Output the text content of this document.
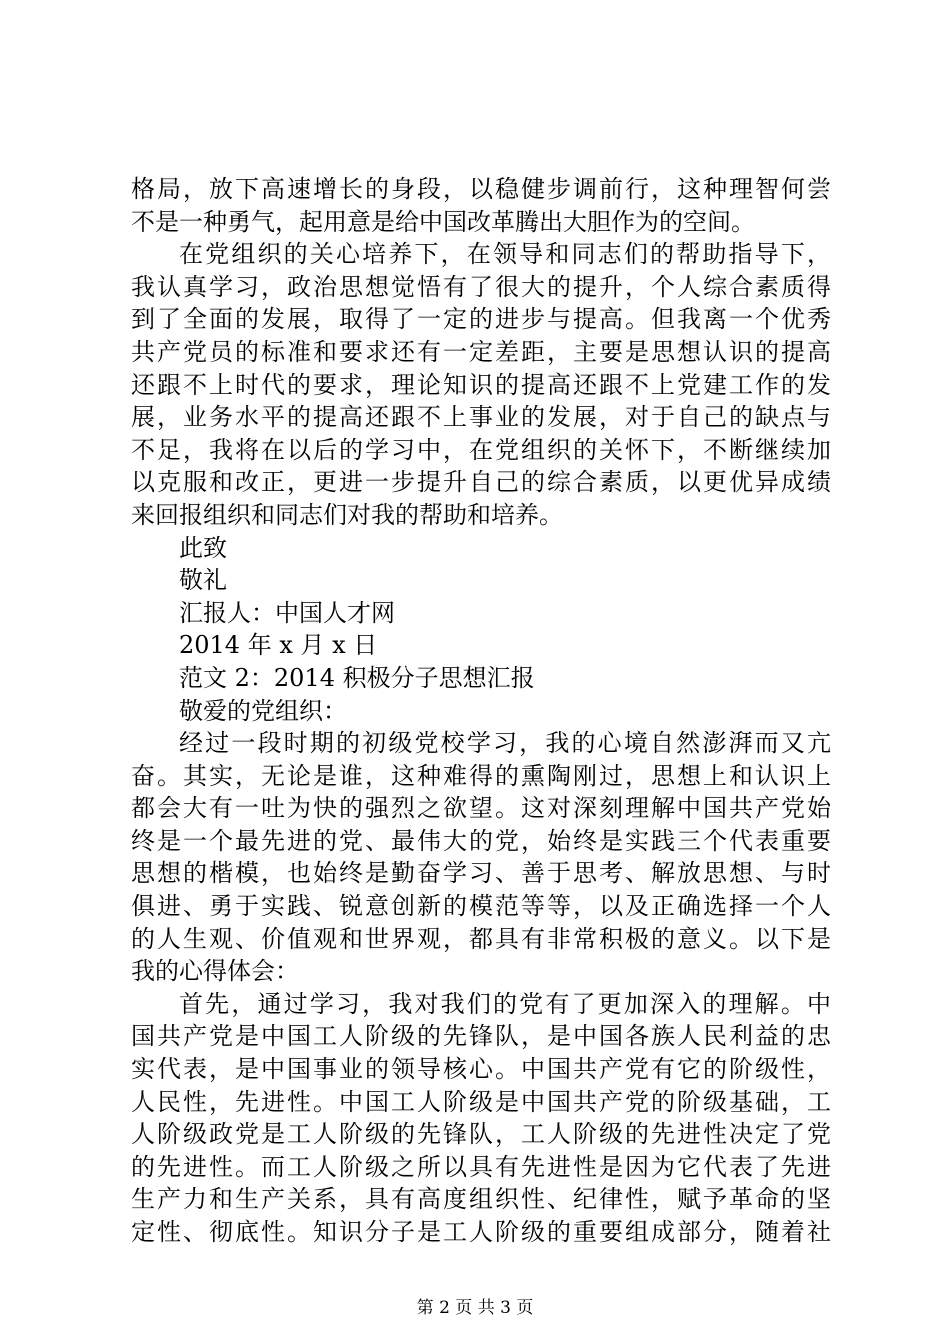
格局，放下高速增长的身段，以稳健步调前行，这种理智何尝
不是一种勇气，起用意是给中国改革腾出大胆作为的空间。
在党组织的关心培养下，在领导和同志们的帮助指导下，
我认真学习，政治思想觉悟有了很大的提升，个人综合素质得
到了全面的发展，取得了一定的进步与提高。但我离一个优秀
共产党员的标准和要求还有一定差距，主要是思想认识的提高
还跟不上时代的要求，理论知识的提高还跟不上党建工作的发
展，业务水平的提高还跟不上事业的发展，对于自己的缺点与
不足，我将在以后的学习中，在党组织的关怀下，不断继续加
以克服和改正，更进一步提升自己的综合素质，以更优异成绩
来回报组织和同志们对我的帮助和培养。
此致
敬礼
汇报人：中国人才网
2014 年 x 月 x 日
范文 2：2014 积极分子思想汇报
敬爱的党组织：
经过一段时期的初级党校学习，我的心境自然澎湃而又亢
奋。其实，无论是谁，这种难得的熏陶刚过，思想上和认识上
都会大有一吐为快的强烈之欲望。这对深刻理解中国共产党始
终是一个最先进的党、最伟大的党，始终是实践三个代表重要
思想的楷模，也始终是勤奋学习、善于思考、解放思想、与时
俱进、勇于实践、锐意创新的模范等等，以及正确选择一个人
的人生观、价值观和世界观，都具有非常积极的意义。以下是
我的心得体会：
首先，通过学习，我对我们的党有了更加深入的理解。中
国共产党是中国工人阶级的先锋队，是中国各族人民利益的忠
实代表，是中国事业的领导核心。中国共产党有它的阶级性，
人民性，先进性。中国工人阶级是中国共产党的阶级基础，工
人阶级政党是工人阶级的先锋队，工人阶级的先进性决定了党
的先进性。而工人阶级之所以具有先进性是因为它代表了先进
生产力和生产关系，具有高度组织性、纪律性，赋予革命的坚
定性、彻底性。知识分子是工人阶级的重要组成部分，随着社
第 2 页 共 3 页
